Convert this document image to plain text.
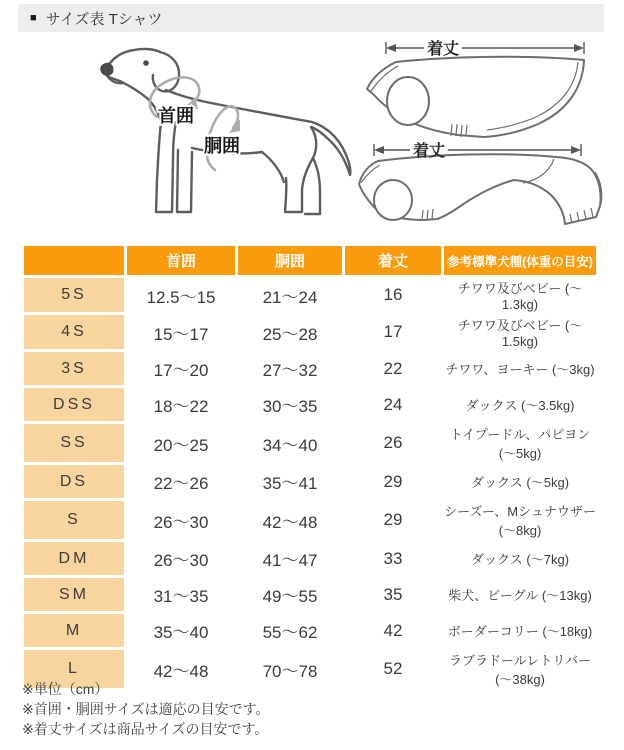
■ サイズ表 Tシャツ
首囲
胴囲
着丈
着丈
	首囲	胴囲	着丈	参考標準犬種(体重の目安)
5S	12.5～15	21～24	16	チワワ及びベビー (～1.3kg)
4S	15～17	25～28	17	チワワ及びベビー (～1.5kg)
3S	17～20	27～32	22	チワワ、ヨーキー (～3kg)
DSS	18～22	30～35	24	ダックス (～3.5kg)
SS	20～25	34～40	26	トイプードル、パピヨン (～5kg)
DS	22～26	35～41	29	ダックス (～5kg)
S	26～30	42～48	29	シーズー、Mシュナウザー (～8kg)
DM	26～30	41～47	33	ダックス (～7kg)
SM	31～35	49～55	35	柴犬、ビーグル (～13kg)
M	35～40	55～62	42	ボーダーコリー (～18kg)
L	42～48	70～78	52	ラブラドールレトリバー (～38kg)
※単位（cm）
※首囲・胴囲サイズは適応の目安です。
※着丈サイズは商品サイズの目安です。
